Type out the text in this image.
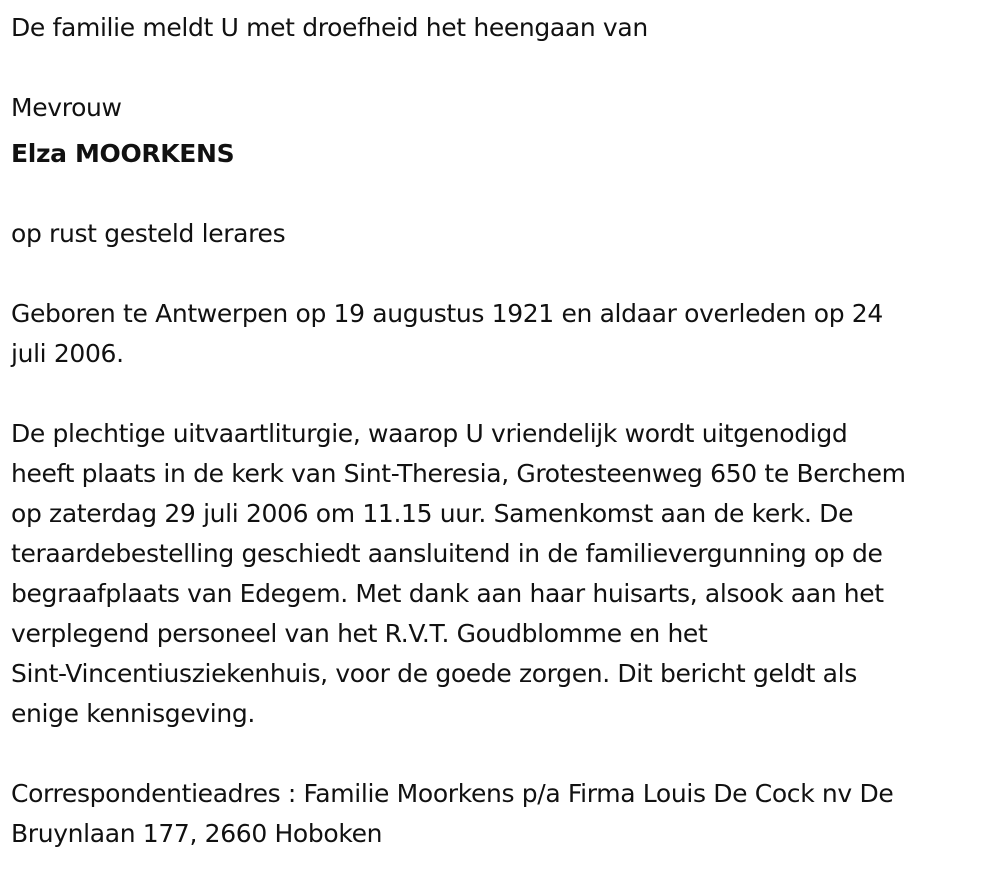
De familie meldt U met droefheid het heengaan van

Mevrouw

Elza MOORKENS

op rust gesteld lerares

Geboren te Antwerpen op 19 augustus 1921 en aldaar overleden op 24

juli 2006.

De plechtige uitvaartliturgie, waarop U vriendelijk wordt uitgenodigd

heeft plaats in de kerk van Sint-Theresia, Grotesteenweg 650 te Berchem

op zaterdag 29 juli 2006 om 11.15 uur. Samenkomst aan de kerk. De

teraardebestelling geschiedt aansluitend in de familievergunning op de

begraafplaats van Edegem. Met dank aan haar huisarts, alsook aan het

verplegend personeel van het R.V.T. Goudblomme en het

Sint-Vincentiusziekenhuis, voor de goede zorgen. Dit bericht geldt als

enige kennisgeving.

Correspondentieadres : Familie Moorkens p/a Firma Louis De Cock nv De

Bruynlaan 177, 2660 Hoboken
